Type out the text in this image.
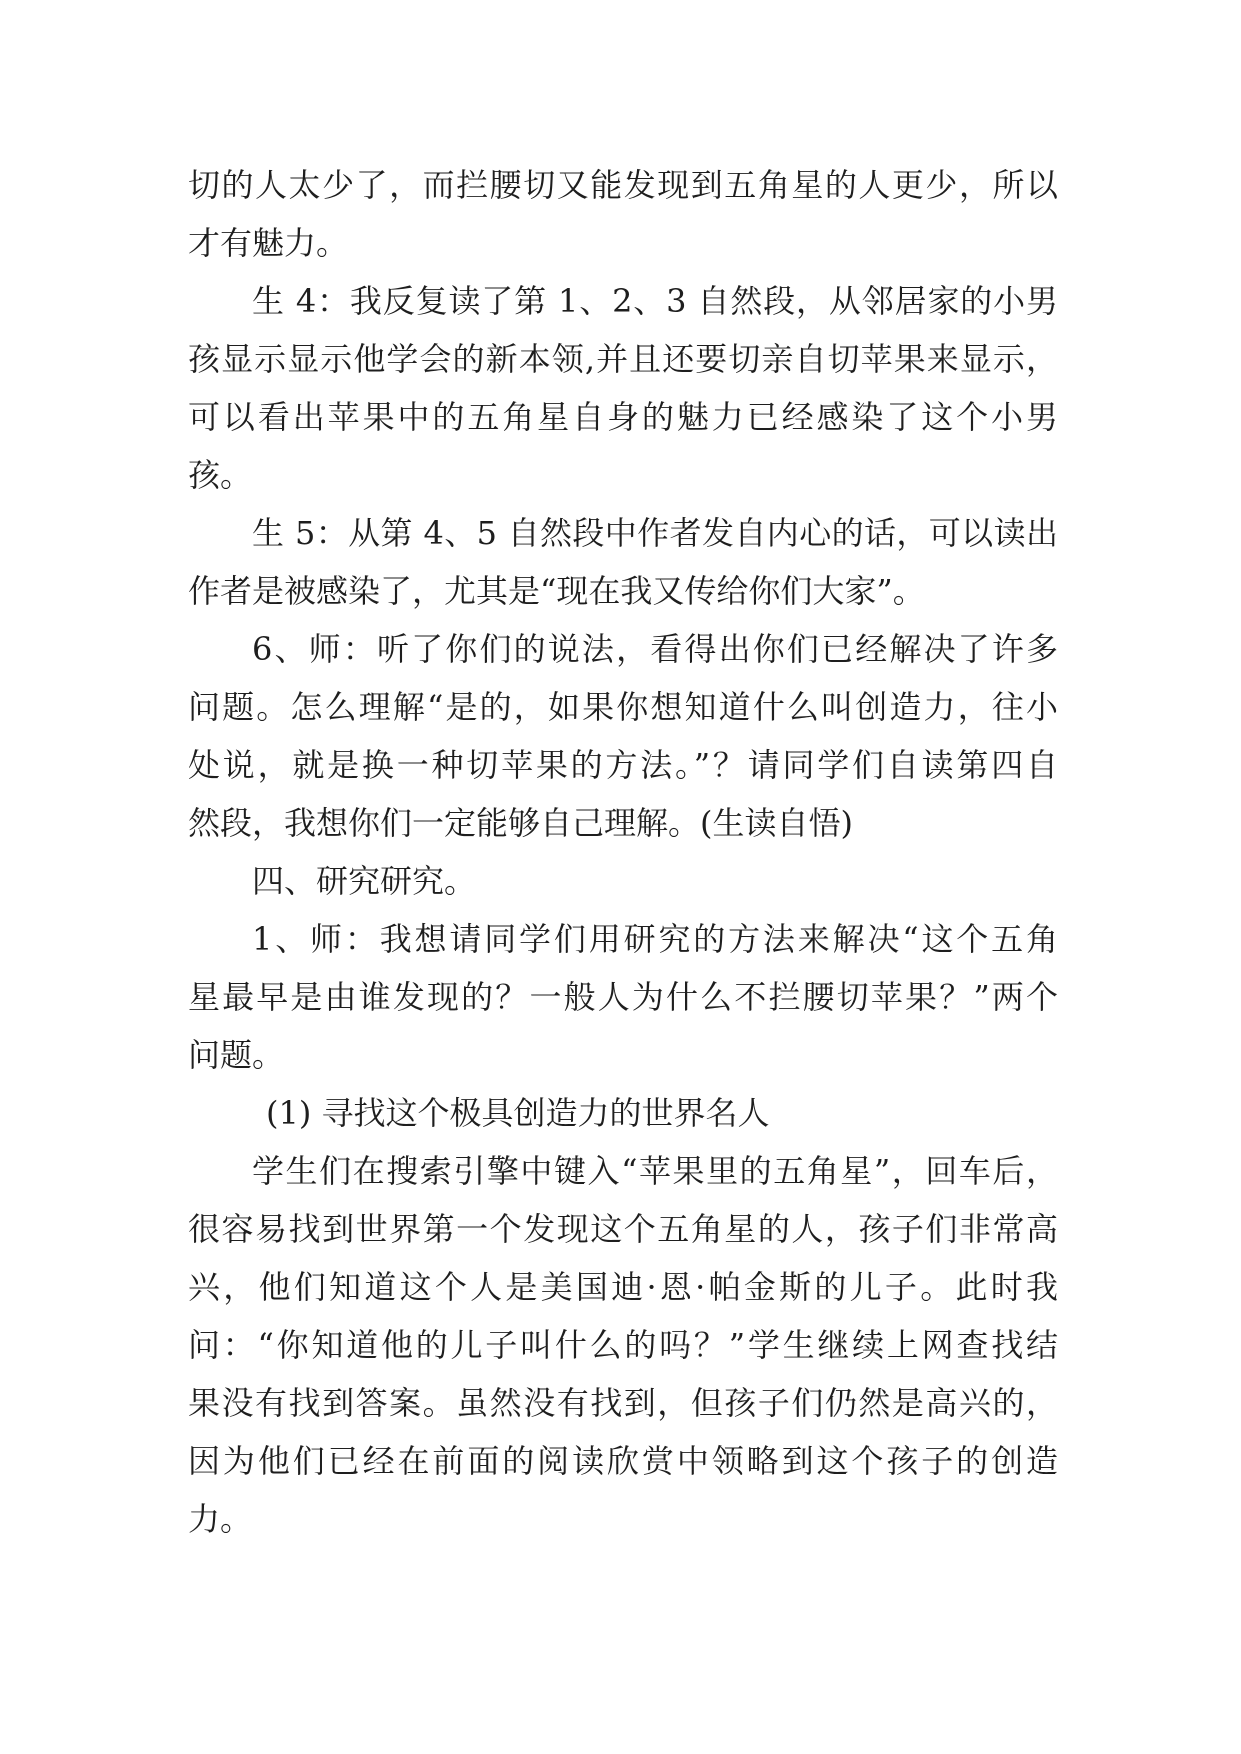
切的人太少了，而拦腰切又能发现到五角星的人更少，所以
才有魅力。
生 4：我反复读了第 1、2、3 自然段，从邻居家的小男
孩显示显示他学会的新本领,并且还要切亲自切苹果来显示，
可以看出苹果中的五角星自身的魅力已经感染了这个小男
孩。
生 5：从第 4、5 自然段中作者发自内心的话，可以读出
作者是被感染了，尤其是“现在我又传给你们大家”。
6、师：听了你们的说法，看得出你们已经解决了许多
问题。怎么理解“是的，如果你想知道什么叫创造力，往小
处说，就是换一种切苹果的方法。”？请同学们自读第四自
然段，我想你们一定能够自己理解。(生读自悟)
四、研究研究。
1、师：我想请同学们用研究的方法来解决“这个五角
星最早是由谁发现的？一般人为什么不拦腰切苹果？”两个
问题。
(1) 寻找这个极具创造力的世界名人
学生们在搜索引擎中键入“苹果里的五角星”，回车后，
很容易找到世界第一个发现这个五角星的人，孩子们非常高
兴，他们知道这个人是美国迪·恩·帕金斯的儿子。此时我
问：“你知道他的儿子叫什么的吗？”学生继续上网查找结
果没有找到答案。虽然没有找到，但孩子们仍然是高兴的，
因为他们已经在前面的阅读欣赏中领略到这个孩子的创造
力。
